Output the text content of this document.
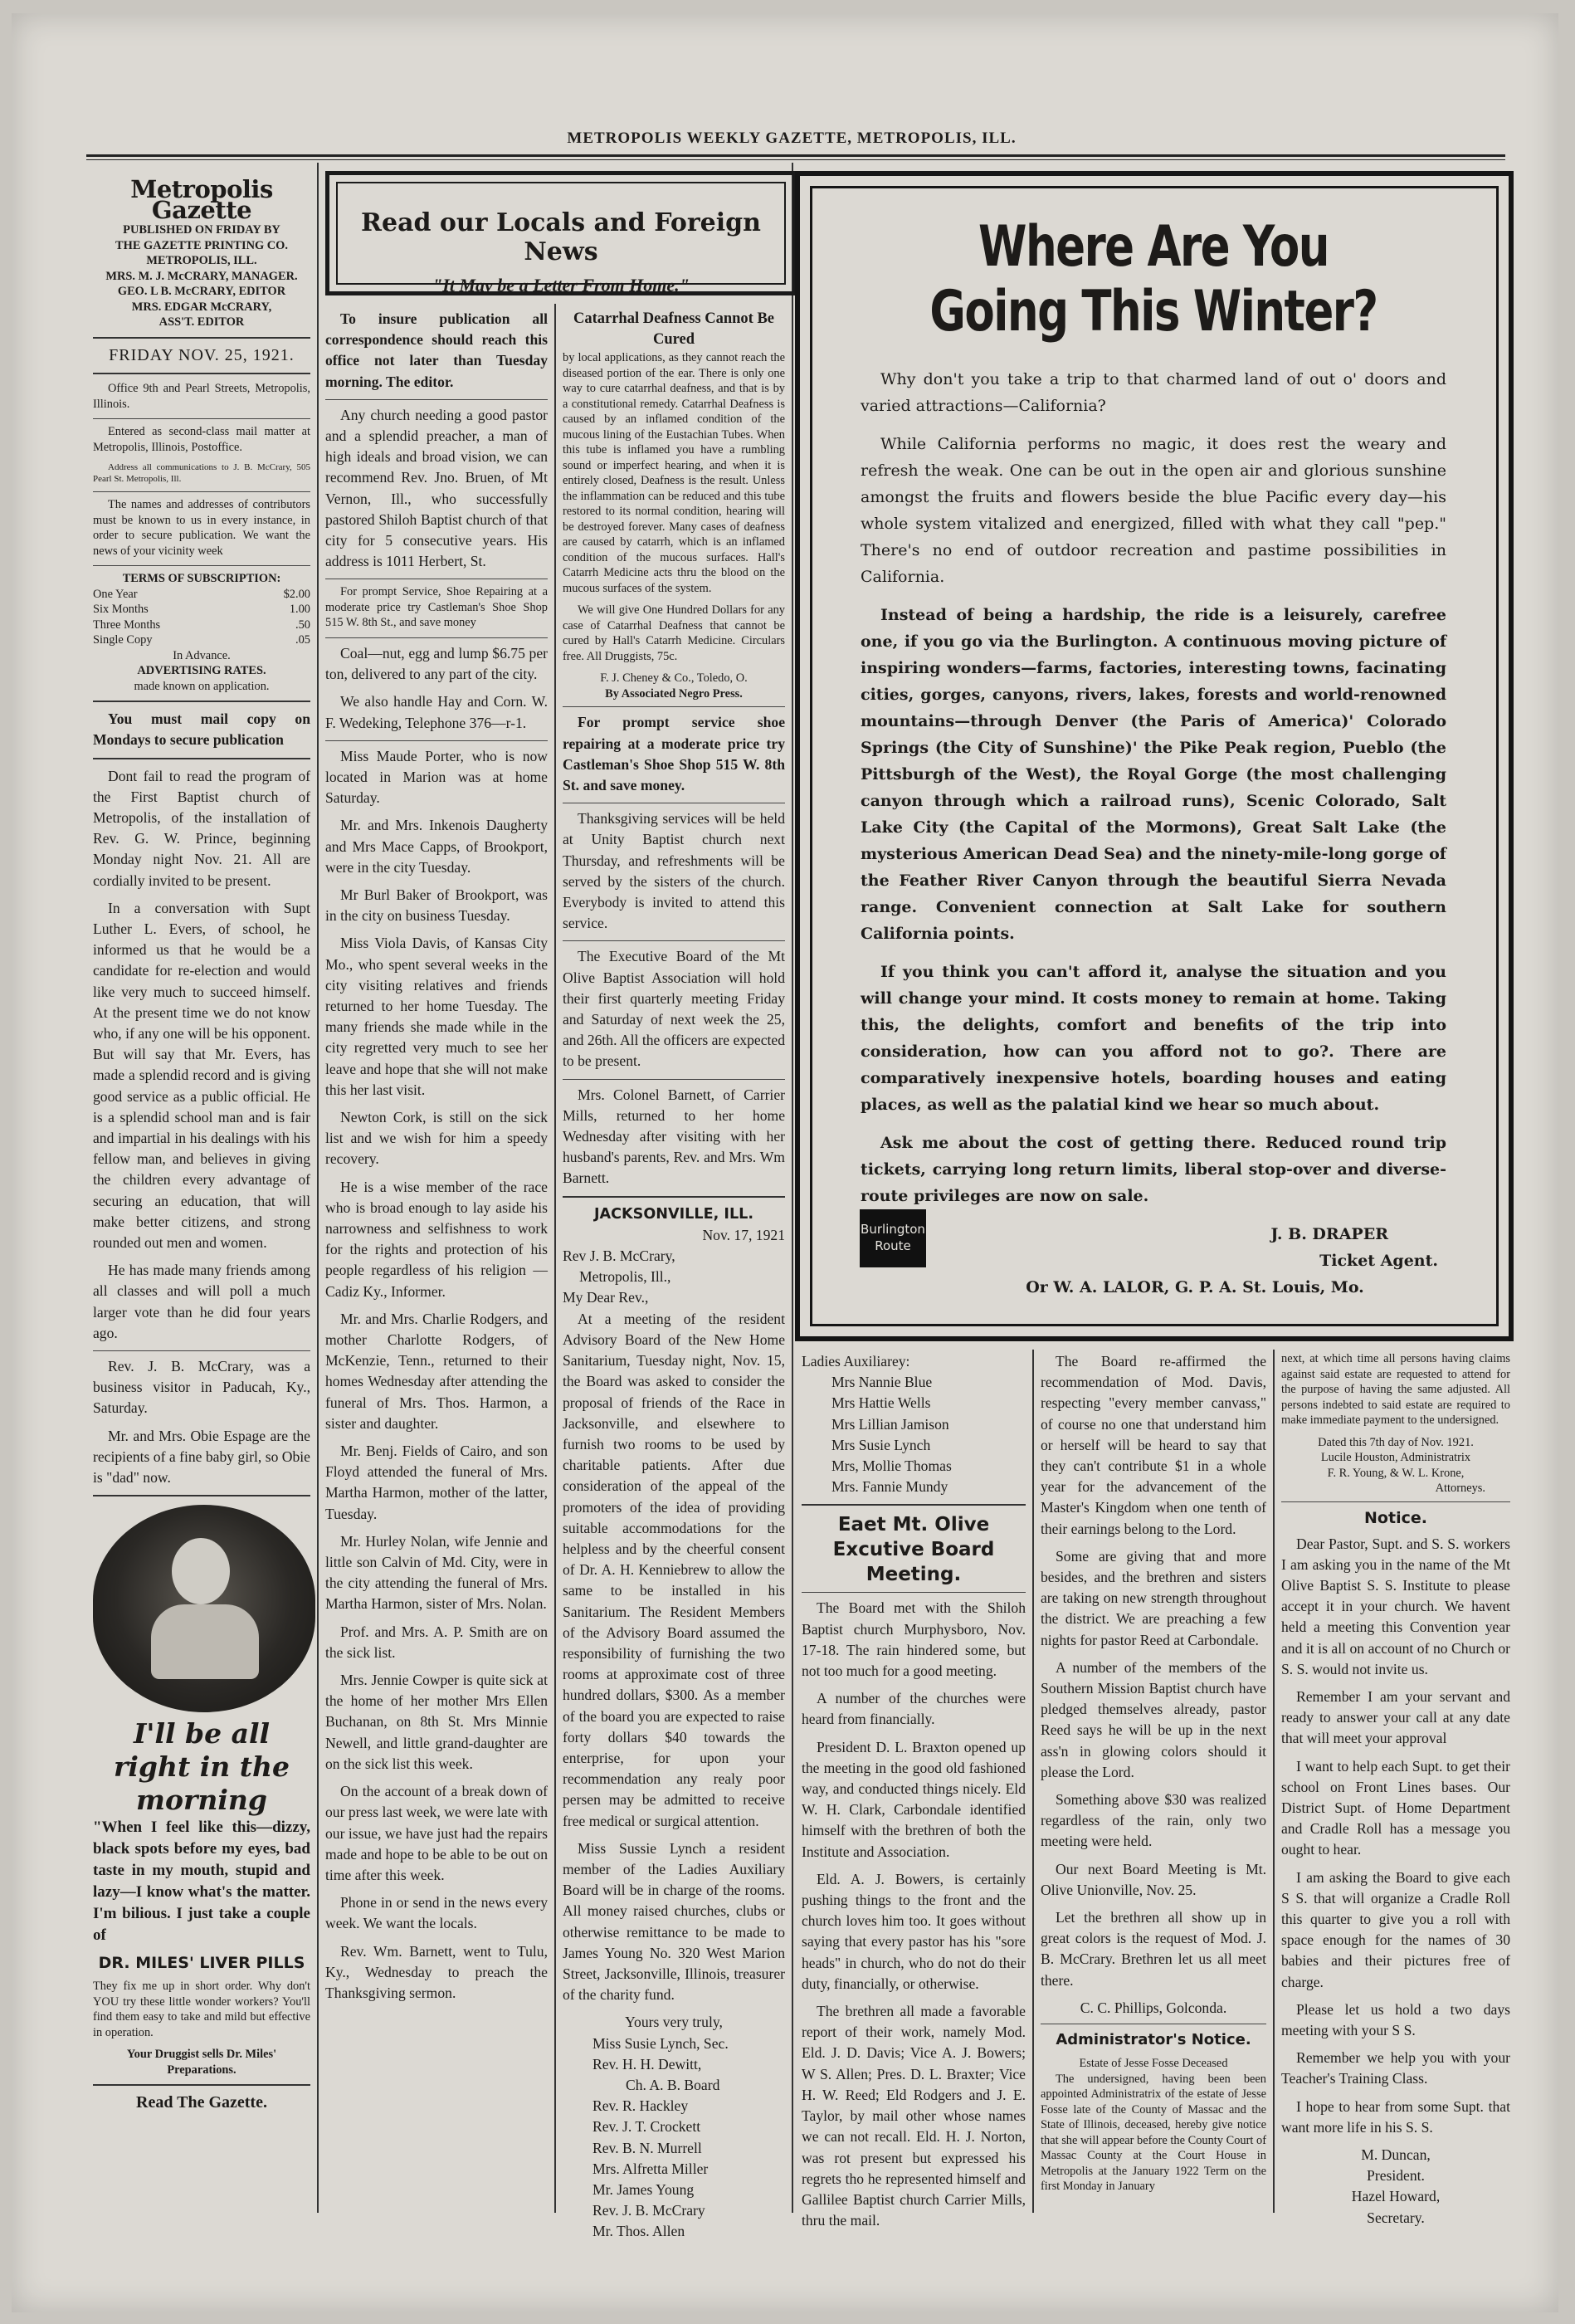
METROPOLIS WEEKLY GAZETTE, METROPOLIS, ILL.
Metropolis Gazette
PUBLISHED ON FRIDAY BY
THE GAZETTE PRINTING CO.
METROPOLIS, ILL.
MRS. M. J. McCRARY, MANAGER.
GEO. L B. McCRARY, EDITOR
MRS. EDGAR McCRARY,
ASS'T. EDITOR
FRIDAY NOV. 25, 1921.

Office 9th and Pearl Streets, Metropolis, Illinois.

Entered as second-class mail matter at Metropolis, Illinois, Postoffice.

Address all communications to J. B. McCrary, 505 Pearl St. Metropolis, Ill.

The names and addresses of contributors must be known to us in every instance, in order to secure publication. We want the news of your vicinity week

TERMS OF SUBSCRIPTION:
One Year	$2.00
Six Months	1.00
Three Months	.50
Single Copy	.05
In Advance.
ADVERTISING RATES.
made known on application.

You must mail copy on Mondays to secure publication

Dont fail to read the program of the First Baptist church of Metropolis, of the installation of Rev. G. W. Prince, beginning Monday night Nov. 21. All are cordially invited to be present.

In a conversation with Supt Luther L. Evers, of school, he informed us that he would be a candidate for re-election and would like very much to succeed himself. At the present time we do not know who, if any one will be his opponent. But will say that Mr. Evers, has made a splendid record and is giving good service as a public official. He is a splendid school man and is fair and impartial in his dealings with his fellow man, and believes in giving the children every advantage of securing an education, that will make better citizens, and strong rounded out men and women.

He has made many friends among all classes and will poll a much larger vote than he did four years ago.

Rev. J. B. McCrary, was a business visitor in Paducah, Ky., Saturday.

Mr. and Mrs. Obie Espage are the recipients of a fine baby girl, so Obie is "dad" now.

I'll be all right in the morning

"When I feel like this—dizzy, black spots before my eyes, bad taste in my mouth, stupid and lazy—I know what's the matter. I'm bilious. I just take a couple of

DR. MILES' LIVER PILLS

They fix me up in short order. Why don't YOU try these little wonder workers? You'll find them easy to take and mild but effective in operation.

Your Druggist sells Dr. Miles' Preparations.
Read The Gazette.
Read our Locals and Foreign News
"It May be a Letter From Home."

To insure publication all correspondence should reach this office not later than Tuesday morning. The editor.

Any church needing a good pastor and a splendid preacher, a man of high ideals and broad vision, we can recommend Rev. Jno. Bruen, of Mt Vernon, Ill., who successfully pastored Shiloh Baptist church of that city for 5 consecutive years. His address is 1011 Herbert, St.

For prompt Service, Shoe Repairing at a moderate price try Castleman's Shoe Shop 515 W. 8th St., and save money

Coal—nut, egg and lump $6.75 per ton, delivered to any part of the city.

We also handle Hay and Corn. W. F. Wedeking, Telephone 376—r-1.

Miss Maude Porter, who is now located in Marion was at home Saturday.

Mr. and Mrs. Inkenois Daugherty and Mrs Mace Capps, of Brookport, were in the city Tuesday.

Mr Burl Baker of Brookport, was in the city on business Tuesday.

Miss Viola Davis, of Kansas City Mo., who spent several weeks in the city visiting relatives and friends returned to her home Tuesday. The many friends she made while in the city regretted very much to see her leave and hope that she will not make this her last visit.

Newton Cork, is still on the sick list and we wish for him a speedy recovery.

He is a wise member of the race who is broad enough to lay aside his narrowness and selfishness to work for the rights and protection of his people regardless of his religion —Cadiz Ky., Informer.

Mr. and Mrs. Charlie Rodgers, and mother Charlotte Rodgers, of McKenzie, Tenn., returned to their homes Wednesday after attending the funeral of Mrs. Thos. Harmon, a sister and daughter.

Mr. Benj. Fields of Cairo, and son Floyd attended the funeral of Mrs. Martha Harmon, mother of the latter, Tuesday.

Mr. Hurley Nolan, wife Jennie and little son Calvin of Md. City, were in the city attending the funeral of Mrs. Martha Harmon, sister of Mrs. Nolan.

Prof. and Mrs. A. P. Smith are on the sick list.

Mrs. Jennie Cowper is quite sick at the home of her mother Mrs Ellen Buchanan, on 8th St. Mrs Minnie Newell, and little grand-daughter are on the sick list this week.

On the account of a break down of our press last week, we were late with our issue, we have just had the repairs made and hope to be able to be out on time after this week.

Phone in or send in the news every week. We want the locals.

Rev. Wm. Barnett, went to Tulu, Ky., Wednesday to preach the Thanksgiving sermon.

Catarrhal Deafness Cannot Be Cured

by local applications, as they cannot reach the diseased portion of the ear. There is only one way to cure catarrhal deafness, and that is by a constitutional remedy. Catarrhal Deafness is caused by an inflamed condition of the mucous lining of the Eustachian Tubes. When this tube is inflamed you have a rumbling sound or imperfect hearing, and when it is entirely closed, Deafness is the result. Unless the inflammation can be reduced and this tube restored to its normal condition, hearing will be destroyed forever. Many cases of deafness are caused by catarrh, which is an inflamed condition of the mucous surfaces. Hall's Catarrh Medicine acts thru the blood on the mucous surfaces of the system.

We will give One Hundred Dollars for any case of Catarrhal Deafness that cannot be cured by Hall's Catarrh Medicine. Circulars free. All Druggists, 75c.

F. J. Cheney & Co., Toledo, O.
By Associated Negro Press.

For prompt service shoe repairing at a moderate price try Castleman's Shoe Shop 515 W. 8th St. and save money.

Thanksgiving services will be held at Unity Baptist church next Thursday, and refreshments will be served by the sisters of the church. Everybody is invited to attend this service.

The Executive Board of the Mt Olive Baptist Association will hold their first quarterly meeting Friday and Saturday of next week the 25, and 26th. All the officers are expected to be present.

Mrs. Colonel Barnett, of Carrier Mills, returned to her home Wednesday after visiting with her husband's parents, Rev. and Mrs. Wm Barnett.

JACKSONVILLE, ILL.
Nov. 17, 1921
Rev J. B. McCrary,
Metropolis, Ill.,
My Dear Rev.,

At a meeting of the resident Advisory Board of the New Home Sanitarium, Tuesday night, Nov. 15, the Board was asked to consider the proposal of friends of the Race in Jacksonville, and elsewhere to furnish two rooms to be used by charitable patients. After due consideration of the appeal of the promoters of the idea of providing suitable accommodations for the helpless and by the cheerful consent of Dr. A. H. Kenniebrew to allow the same to be installed in his Sanitarium. The Resident Members of the Advisory Board assumed the responsibility of furnishing the two rooms at approximate cost of three hundred dollars, $300. As a member of the board you are expected to raise forty dollars $40 towards the enterprise, for upon your recommendation any realy poor persen may be admitted to receive free medical or surgical attention.

Miss Sussie Lynch a resident member of the Ladies Auxiliary Board will be in charge of the rooms. All money raised churches, clubs or otherwise remittance to be made to James Young No. 320 West Marion Street, Jacksonville, Illinois, treasurer of the charity fund.

Yours very truly,
Miss Susie Lynch, Sec.
Rev. H. H. Dewitt,
Ch. A. B. Board
Rev. R. Hackley
Rev. J. T. Crockett
Rev. B. N. Murrell
Mrs. Alfretta Miller
Mr. James Young
Rev. J. B. McCrary
Mr. Thos. Allen
Where Are You Going This Winter?

Why don't you take a trip to that charmed land of out o' doors and varied attractions—California?

While California performs no magic, it does rest the weary and refresh the weak. One can be out in the open air and glorious sunshine amongst the fruits and flowers beside the blue Pacific every day—his whole system vitalized and energized, filled with what they call "pep." There's no end of outdoor recreation and pastime possibilities in California.

Instead of being a hardship, the ride is a leisurely, carefree one, if you go via the Burlington. A continuous moving picture of inspiring wonders—farms, factories, interesting towns, facinating cities, gorges, canyons, rivers, lakes, forests and world-renowned mountains—through Denver (the Paris of America)' Colorado Springs (the City of Sunshine)' the Pike Peak region, Pueblo (the Pittsburgh of the West), the Royal Gorge (the most challenging canyon through which a railroad runs), Scenic Colorado, Salt Lake City (the Capital of the Mormons), Great Salt Lake (the mysterious American Dead Sea) and the ninety-mile-long gorge of the Feather River Canyon through the beautiful Sierra Nevada range. Convenient connection at Salt Lake for southern California points.

If you think you can't afford it, analyse the situation and you will change your mind. It costs money to remain at home. Taking this, the delights, comfort and benefits of the trip into consideration, how can you afford not to go?. There are comparatively inexpensive hotels, boarding houses and eating places, as well as the palatial kind we hear so much about.

Ask me about the cost of getting there. Reduced round trip tickets, carrying long return limits, liberal stop-over and diverse-route privileges are now on sale.

J. B. DRAPER
Ticket Agent.
Or W. A. LALOR, G. P. A. St. Louis, Mo.
Burlington
Route
Ladies Auxiliarey:
Mrs Nannie Blue
Mrs Hattie Wells
Mrs Lillian Jamison
Mrs Susie Lynch
Mrs, Mollie Thomas
Mrs. Fannie Mundy
Eaet Mt. Olive Excutive Board Meeting.

The Board met with the Shiloh Baptist church Murphysboro, Nov. 17-18. The rain hindered some, but not too much for a good meeting.

A number of the churches were heard from financially.

President D. L. Braxton opened up the meeting in the good old fashioned way, and conducted things nicely. Eld W. H. Clark, Carbondale identified himself with the brethren of both the Institute and Association.

Eld. A. J. Bowers, is certainly pushing things to the front and the church loves him too. It goes without saying that every pastor has his "sore heads" in church, who do not do their duty, financially, or otherwise.

The brethren all made a favorable report of their work, namely Mod. Eld. J. D. Davis; Vice A. J. Bowers; W S. Allen; Pres. D. L. Braxter; Vice H. W. Reed; Eld Rodgers and J. E. Taylor, by mail other whose names we can not recall. Eld. H. J. Norton, was rot present but expressed his regrets tho he represented himself and Gallilee Baptist church Carrier Mills, thru the mail.

The Board re-affirmed the recommendation of Mod. Davis, respecting "every member canvass," of course no one that understand him or herself will be heard to say that they can't contribute $1 in a whole year for the advancement of the Master's Kingdom when one tenth of their earnings belong to the Lord.

Some are giving that and more besides, and the brethren and sisters are taking on new strength throughout the district. We are preaching a few nights for pastor Reed at Carbondale.

A number of the members of the Southern Mission Baptist church have pledged themselves already, pastor Reed says he will be up in the next ass'n in glowing colors should it please the Lord.

Something above $30 was realized regardless of the rain, only two meeting were held.

Our next Board Meeting is Mt. Olive Unionville, Nov. 25.

Let the brethren all show up in great colors is the request of Mod. J. B. McCrary. Brethren let us all meet there.

C. C. Phillips, Golconda.
Administrator's Notice.
Estate of Jesse Fosse Deceased

The undersigned, having been been appointed Administratrix of the estate of Jesse Fosse late of the County of Massac and the State of Illinois, deceased, hereby give notice that she will appear before the County Court of Massac County at the Court House in Metropolis at the January 1922 Term on the first Monday in January

next, at which time all persons having claims against said estate are requested to attend for the purpose of having the same adjusted. All persons indebted to said estate are required to make immediate payment to the undersigned.

Dated this 7th day of Nov. 1921.
Lucile Houston, Administratrix
F. R. Young, & W. L. Krone,
Attorneys.
Notice.

Dear Pastor, Supt. and S. S. workers I am asking you in the name of the Mt Olive Baptist S. S. Institute to please accept it in your church. We havent held a meeting this Convention year and it is all on account of no Church or S. S. would not invite us.

Remember I am your servant and ready to answer your call at any date that will meet your approval

I want to help each Supt. to get their school on Front Lines bases. Our District Supt. of Home Department and Cradle Roll has a message you ought to hear.

I am asking the Board to give each S S. that will organize a Cradle Roll this quarter to give you a roll with space enough for the names of 30 babies and their pictures free of charge.

Please let us hold a two days meeting with your S S.

Remember we help you with your Teacher's Training Class.

I hope to hear from some Supt. that want more life in his S. S.

M. Duncan,
President.
Hazel Howard,
Secretary.
